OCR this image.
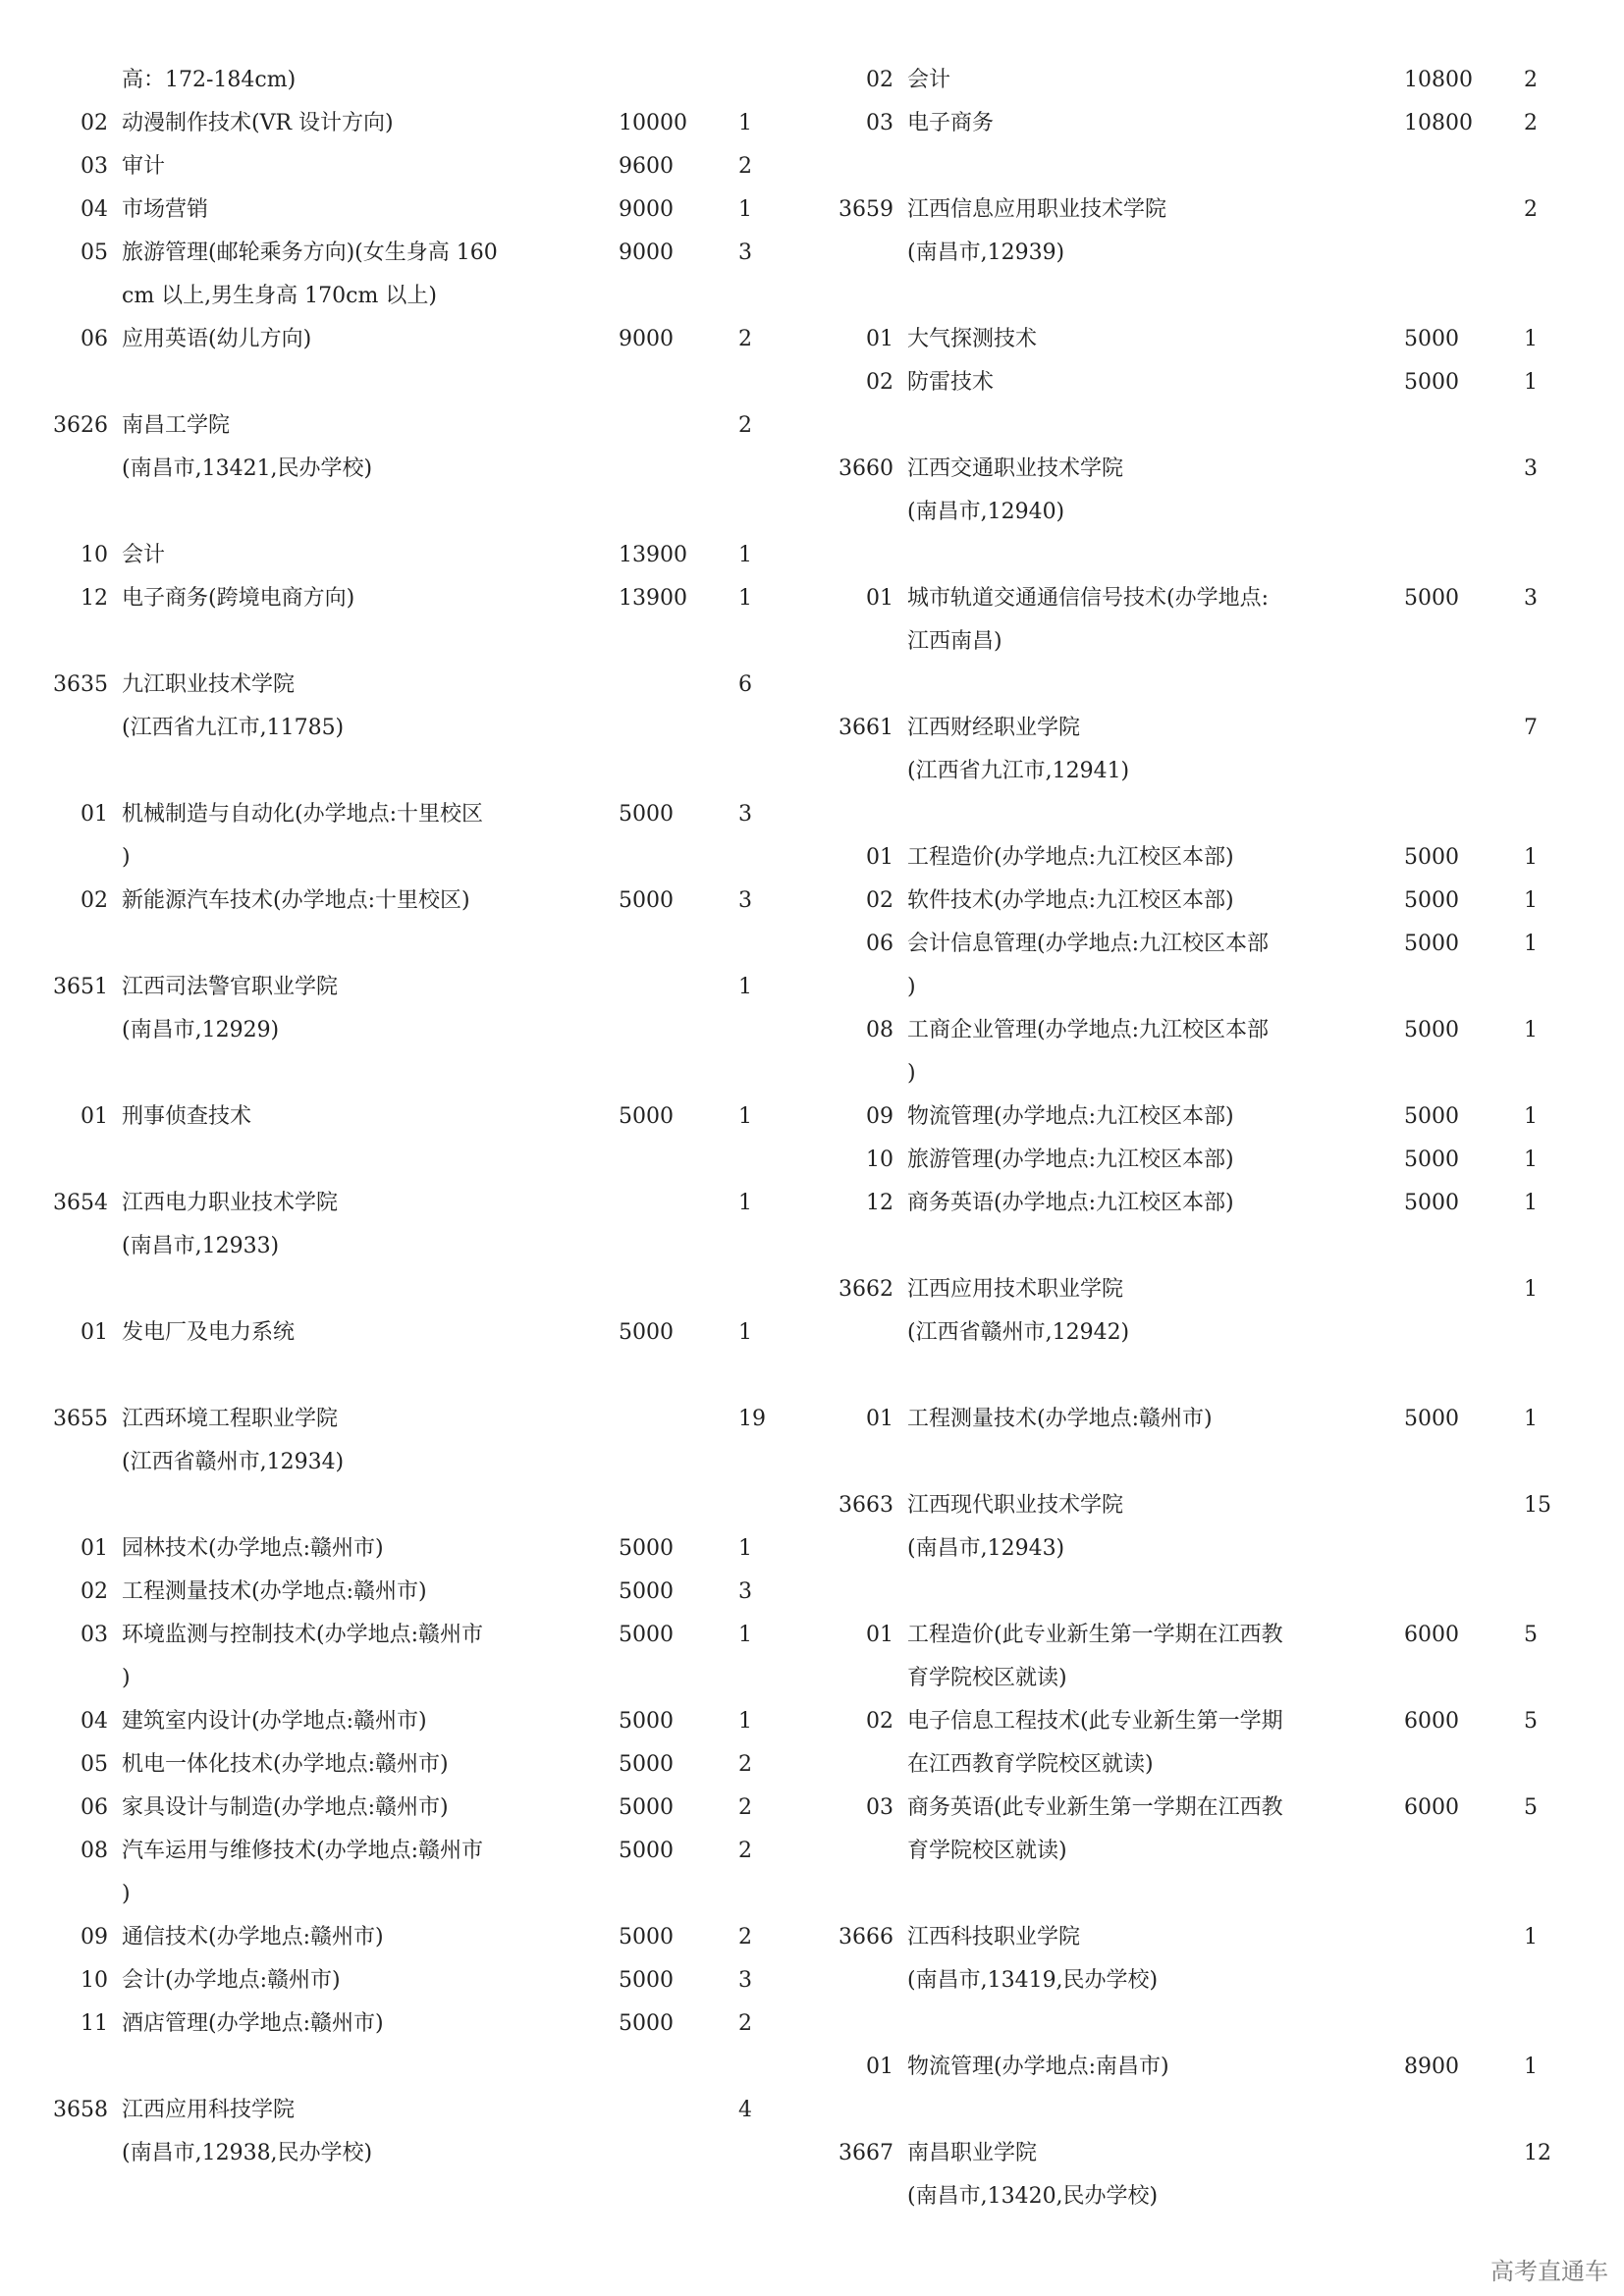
高：172-184cm)
02 动漫制作技术(VR 设计方向)	10000 1
03 审计	9600	2
04 市场营销	9000	1
05 旅游管理(邮轮乘务方向)(女生身高 160	9000	3
cm 以上,男生身高 170cm 以上)
06 应用英语(幼儿方向)	9000	2
3626 南昌工学院	2
(南昌市,13421,民办学校)
10 会计	13900 1
12 电子商务(跨境电商方向)	13900 1
3635 九江职业技术学院	6
(江西省九江市,11785)
01 机械制造与自动化(办学地点:十里校区	5000	3
)
02 新能源汽车技术(办学地点:十里校区)	5000	3
3651 江西司法警官职业学院	1
(南昌市,12929)
01 刑事侦查技术	5000	1
3654 江西电力职业技术学院	1
(南昌市,12933)
01 发电厂及电力系统	5000	1
3655 江西环境工程职业学院	19
(江西省赣州市,12934)
01 园林技术(办学地点:赣州市)	5000	1
02 工程测量技术(办学地点:赣州市)	5000	3
03 环境监测与控制技术(办学地点:赣州市	5000	1
)
04 建筑室内设计(办学地点:赣州市)	5000	1
05 机电一体化技术(办学地点:赣州市)	5000	2
06 家具设计与制造(办学地点:赣州市)	5000	2
08 汽车运用与维修技术(办学地点:赣州市	5000	2
)
09 通信技术(办学地点:赣州市)	5000	2
10 会计(办学地点:赣州市)	5000	3
11 酒店管理(办学地点:赣州市)	5000	2
3658 江西应用科技学院	4
(南昌市,12938,民办学校)
02 会计	10800 2
03 电子商务	10800 2
3659 江西信息应用职业技术学院	2
(南昌市,12939)
01 大气探测技术	5000	1
02 防雷技术	5000	1
3660 江西交通职业技术学院	3
(南昌市,12940)
01 城市轨道交通通信信号技术(办学地点:	5000	3
江西南昌)
3661 江西财经职业学院	7
(江西省九江市,12941)
01 工程造价(办学地点:九江校区本部)	5000	1
02 软件技术(办学地点:九江校区本部)	5000	1
06 会计信息管理(办学地点:九江校区本部	5000	1
)
08 工商企业管理(办学地点:九江校区本部	5000	1
)
09 物流管理(办学地点:九江校区本部)	5000	1
10 旅游管理(办学地点:九江校区本部)	5000	1
12 商务英语(办学地点:九江校区本部)	5000	1
3662 江西应用技术职业学院	1
(江西省赣州市,12942)
01 工程测量技术(办学地点:赣州市)	5000	1
3663 江西现代职业技术学院	15
(南昌市,12943)
01 工程造价(此专业新生第一学期在江西教	6000	5
育学院校区就读)
02 电子信息工程技术(此专业新生第一学期	6000	5
在江西教育学院校区就读)
03 商务英语(此专业新生第一学期在江西教	6000	5
育学院校区就读)
3666 江西科技职业学院	1
(南昌市,13419,民办学校)
01 物流管理(办学地点:南昌市)	8900	1
3667 南昌职业学院	12
(南昌市,13420,民办学校)
高考直通车
